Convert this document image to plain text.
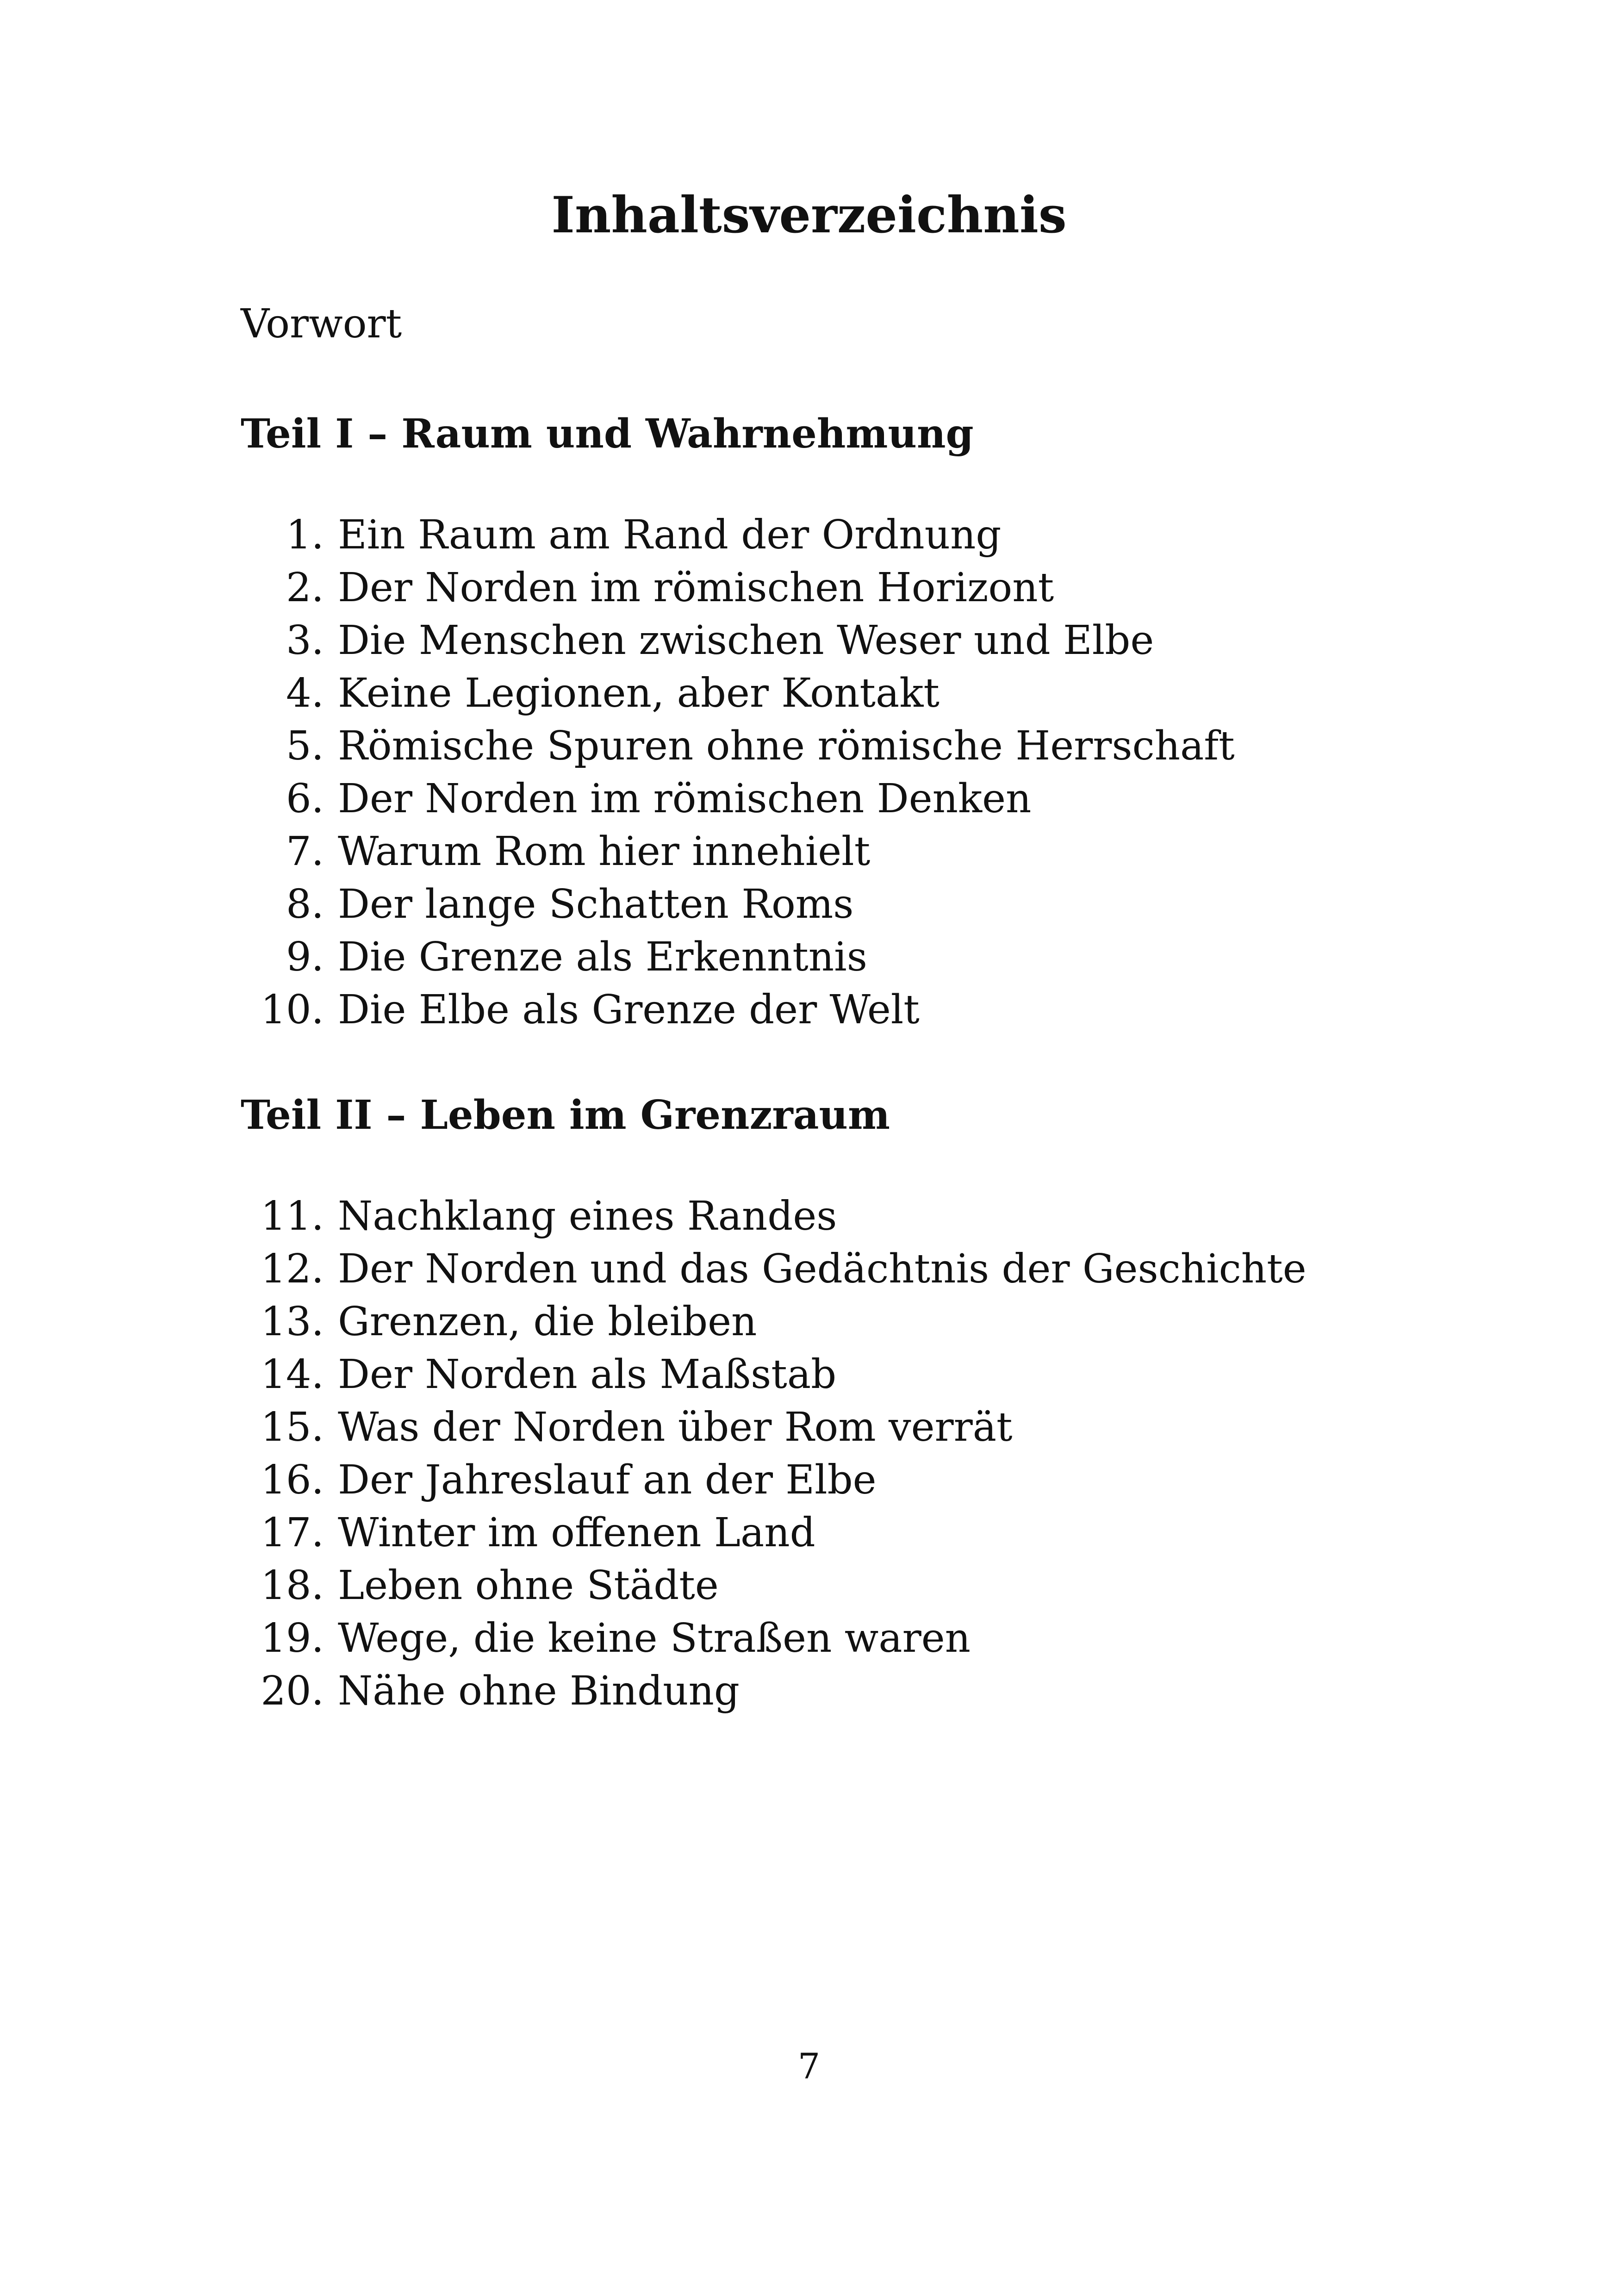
Inhaltsverzeichnis

Vorwort

Teil I – Raum und Wahrnehmung
1. Ein Raum am Rand der Ordnung
2. Der Norden im römischen Horizont
3. Die Menschen zwischen Weser und Elbe
4. Keine Legionen, aber Kontakt
5. Römische Spuren ohne römische Herrschaft
6. Der Norden im römischen Denken
7. Warum Rom hier innehielt
8. Der lange Schatten Roms
9. Die Grenze als Erkenntnis
10. Die Elbe als Grenze der Welt
Teil II – Leben im Grenzraum
11. Nachklang eines Randes
12. Der Norden und das Gedächtnis der Geschichte
13. Grenzen, die bleiben
14. Der Norden als Maßstab
15. Was der Norden über Rom verrät
16. Der Jahreslauf an der Elbe
17. Winter im offenen Land
18. Leben ohne Städte
19. Wege, die keine Straßen waren
20. Nähe ohne Bindung

7
